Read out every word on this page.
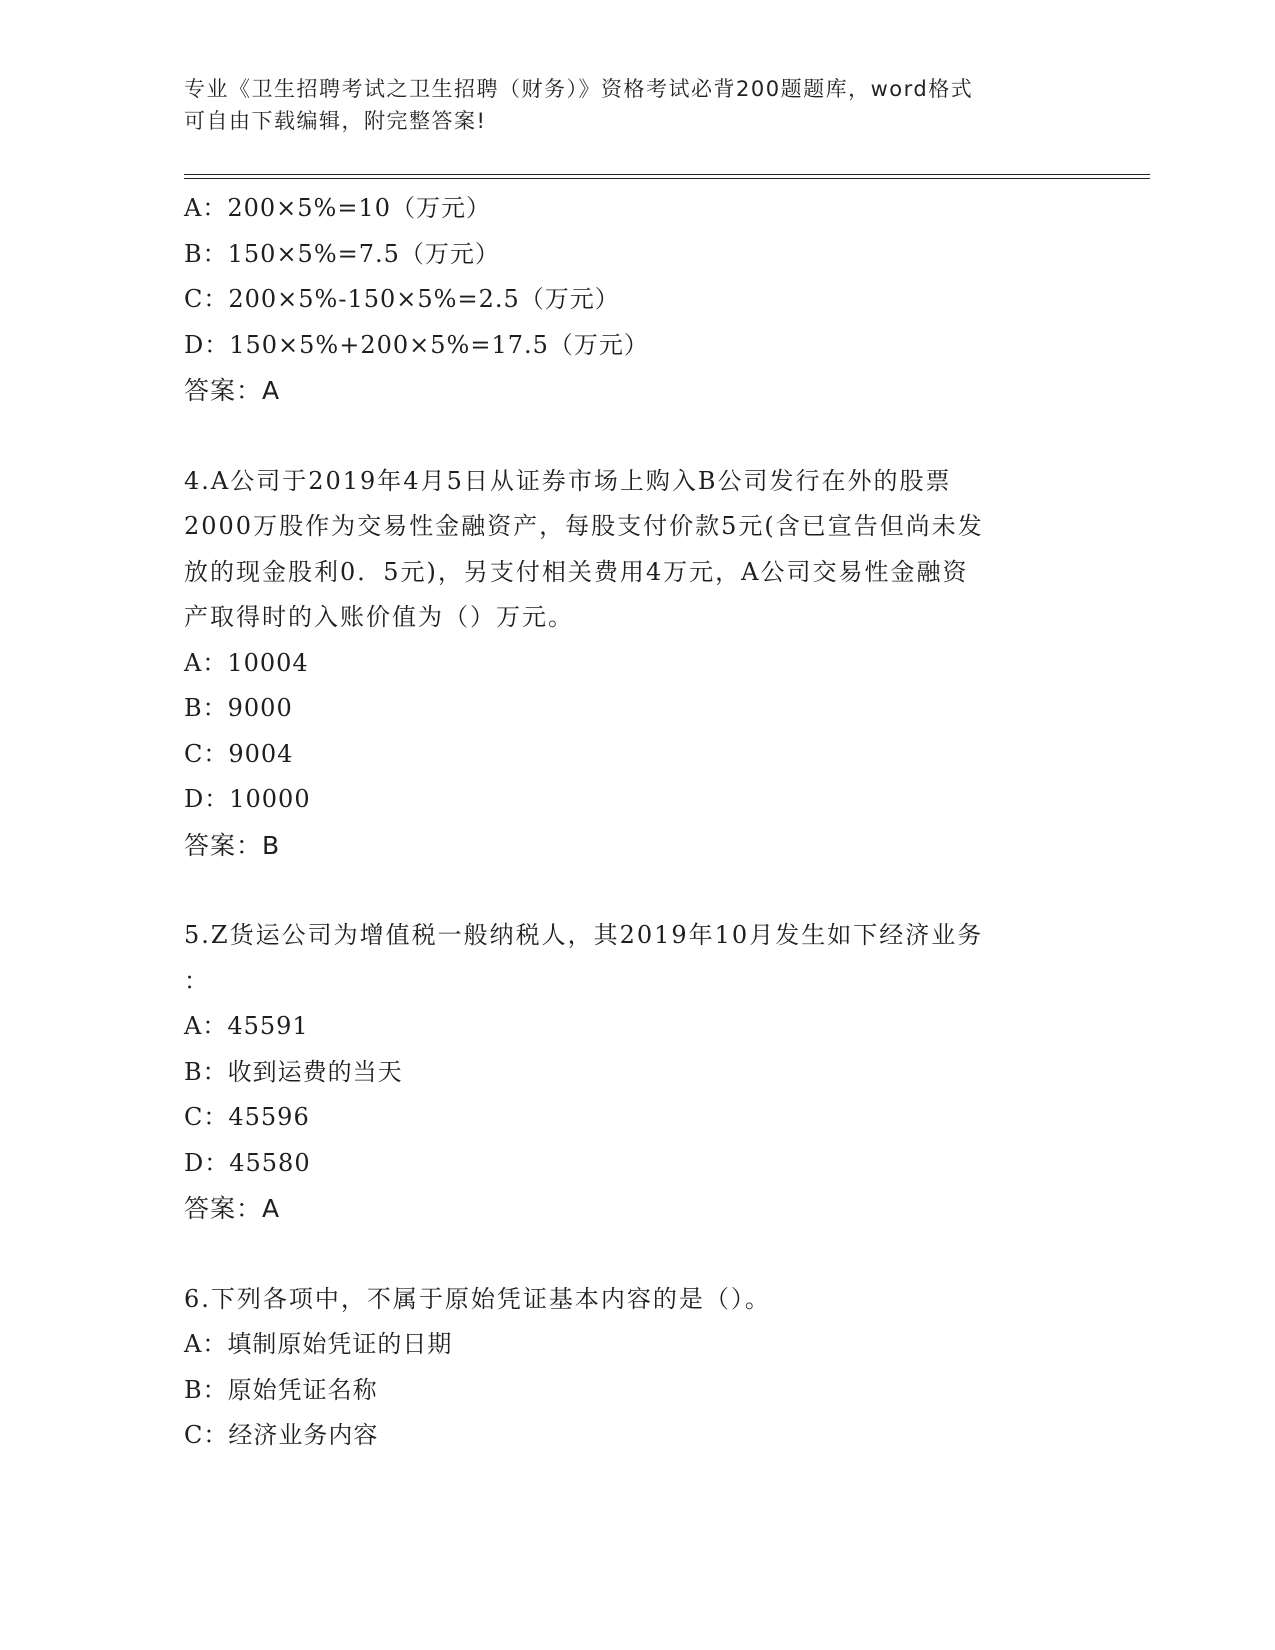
专业《卫生招聘考试之卫生招聘（财务）》资格考试必背200题题库，word格式
可自由下载编辑，附完整答案!
A：200×5%=10（万元）
B：150×5%=7.5（万元）
C：200×5%-150×5%=2.5（万元）
D：150×5%+200×5%=17.5（万元）
答案：A
4.A公司于2019年4月5日从证券市场上购入B公司发行在外的股票
2000万股作为交易性金融资产，每股支付价款5元(含已宣告但尚未发
放的现金股利0．5元)，另支付相关费用4万元，A公司交易性金融资
产取得时的入账价值为（）万元。
A：10004
B：9000
C：9004
D：10000
答案：B
5.Z货运公司为增值税一般纳税人，其2019年10月发生如下经济业务
：
A：45591
B：收到运费的当天
C：45596
D：45580
答案：A
6.下列各项中，不属于原始凭证基本内容的是（）。
A：填制原始凭证的日期
B：原始凭证名称
C：经济业务内容
